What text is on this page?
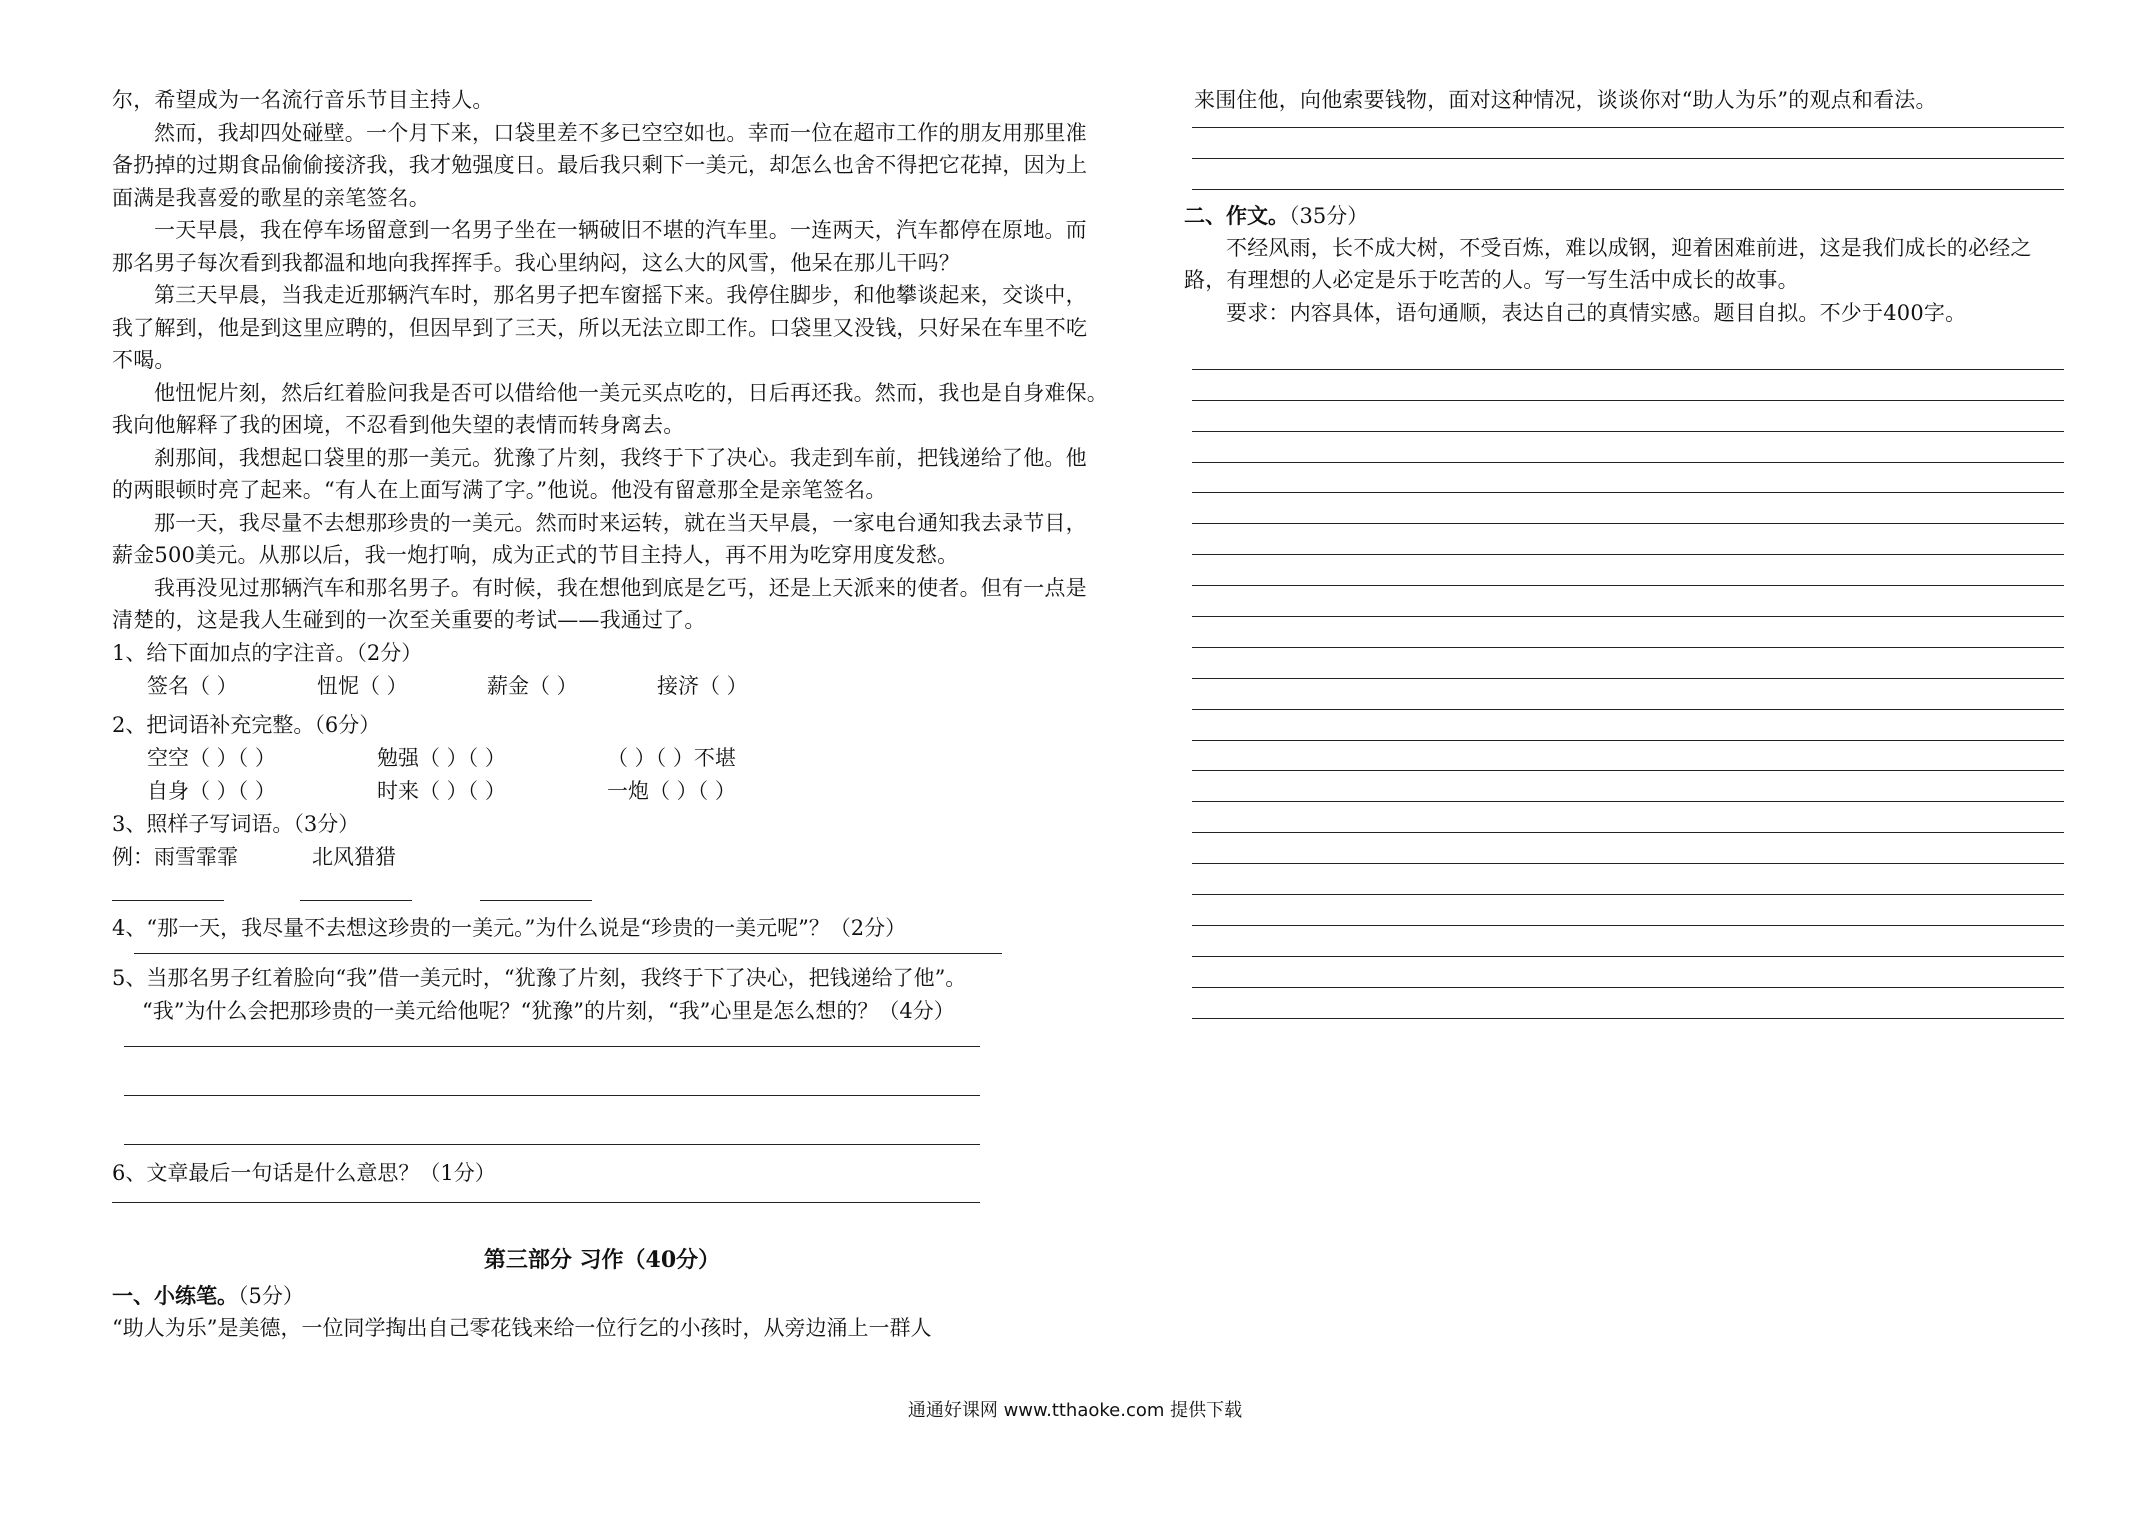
尔，希望成为一名流行音乐节目主持人。
然而，我却四处碰壁。一个月下来，口袋里差不多已空空如也。幸而一位在超市工作的朋友用那里准
备扔掉的过期食品偷偷接济我，我才勉强度日。最后我只剩下一美元，却怎么也舍不得把它花掉，因为上
面满是我喜爱的歌星的亲笔签名。
一天早晨，我在停车场留意到一名男子坐在一辆破旧不堪的汽车里。一连两天，汽车都停在原地。而
那名男子每次看到我都温和地向我挥挥手。我心里纳闷，这么大的风雪，他呆在那儿干吗？
第三天早晨，当我走近那辆汽车时，那名男子把车窗摇下来。我停住脚步，和他攀谈起来，交谈中，
我了解到，他是到这里应聘的，但因早到了三天，所以无法立即工作。口袋里又没钱，只好呆在车里不吃
不喝。
他忸怩片刻，然后红着脸问我是否可以借给他一美元买点吃的，日后再还我。然而，我也是自身难保。
我向他解释了我的困境，不忍看到他失望的表情而转身离去。
刹那间，我想起口袋里的那一美元。犹豫了片刻，我终于下了决心。我走到车前，把钱递给了他。他
的两眼顿时亮了起来。“有人在上面写满了字。”他说。他没有留意那全是亲笔签名。
那一天，我尽量不去想那珍贵的一美元。然而时来运转，就在当天早晨，一家电台通知我去录节目，
薪金500美元。从那以后，我一炮打响，成为正式的节目主持人，再不用为吃穿用度发愁。
我再没见过那辆汽车和那名男子。有时候，我在想他到底是乞丐，还是上天派来的使者。但有一点是
清楚的，这是我人生碰到的一次至关重要的考试——我通过了。
1、给下面加点的字注音。（2分）
签名（ ）	忸怩（ ）	薪金（ ）	接济（ ）
2、把词语补充完整。（6分）
空空（ ）（ ）	勉强（ ）（ ）	（ ）（ ）不堪
自身（ ）（ ）	时来（ ）（ ）	一炮（ ）（ ）
3、照样子写词语。（3分）
例：雨雪霏霏	北风猎猎
4、“那一天，我尽量不去想这珍贵的一美元。”为什么说是“珍贵的一美元呢”？（2分）
5、当那名男子红着脸向“我”借一美元时，“犹豫了片刻，我终于下了决心，把钱递给了他”。
“我”为什么会把那珍贵的一美元给他呢？“犹豫”的片刻，“我”心里是怎么想的？（4分）
6、文章最后一句话是什么意思？（1分）
第三部分 习作（40分）
一、小练笔。（5分）
“助人为乐”是美德，一位同学掏出自己零花钱来给一位行乞的小孩时，从旁边涌上一群人
来围住他，向他索要钱物，面对这种情况，谈谈你对“助人为乐”的观点和看法。
二、作文。（35分）
不经风雨，长不成大树，不受百炼，难以成钢，迎着困难前进，这是我们成长的必经之
路，有理想的人必定是乐于吃苦的人。写一写生活中成长的故事。
要求：内容具体，语句通顺，表达自己的真情实感。题目自拟。不少于400字。
通通好课网 www.tthaoke.com 提供下载
